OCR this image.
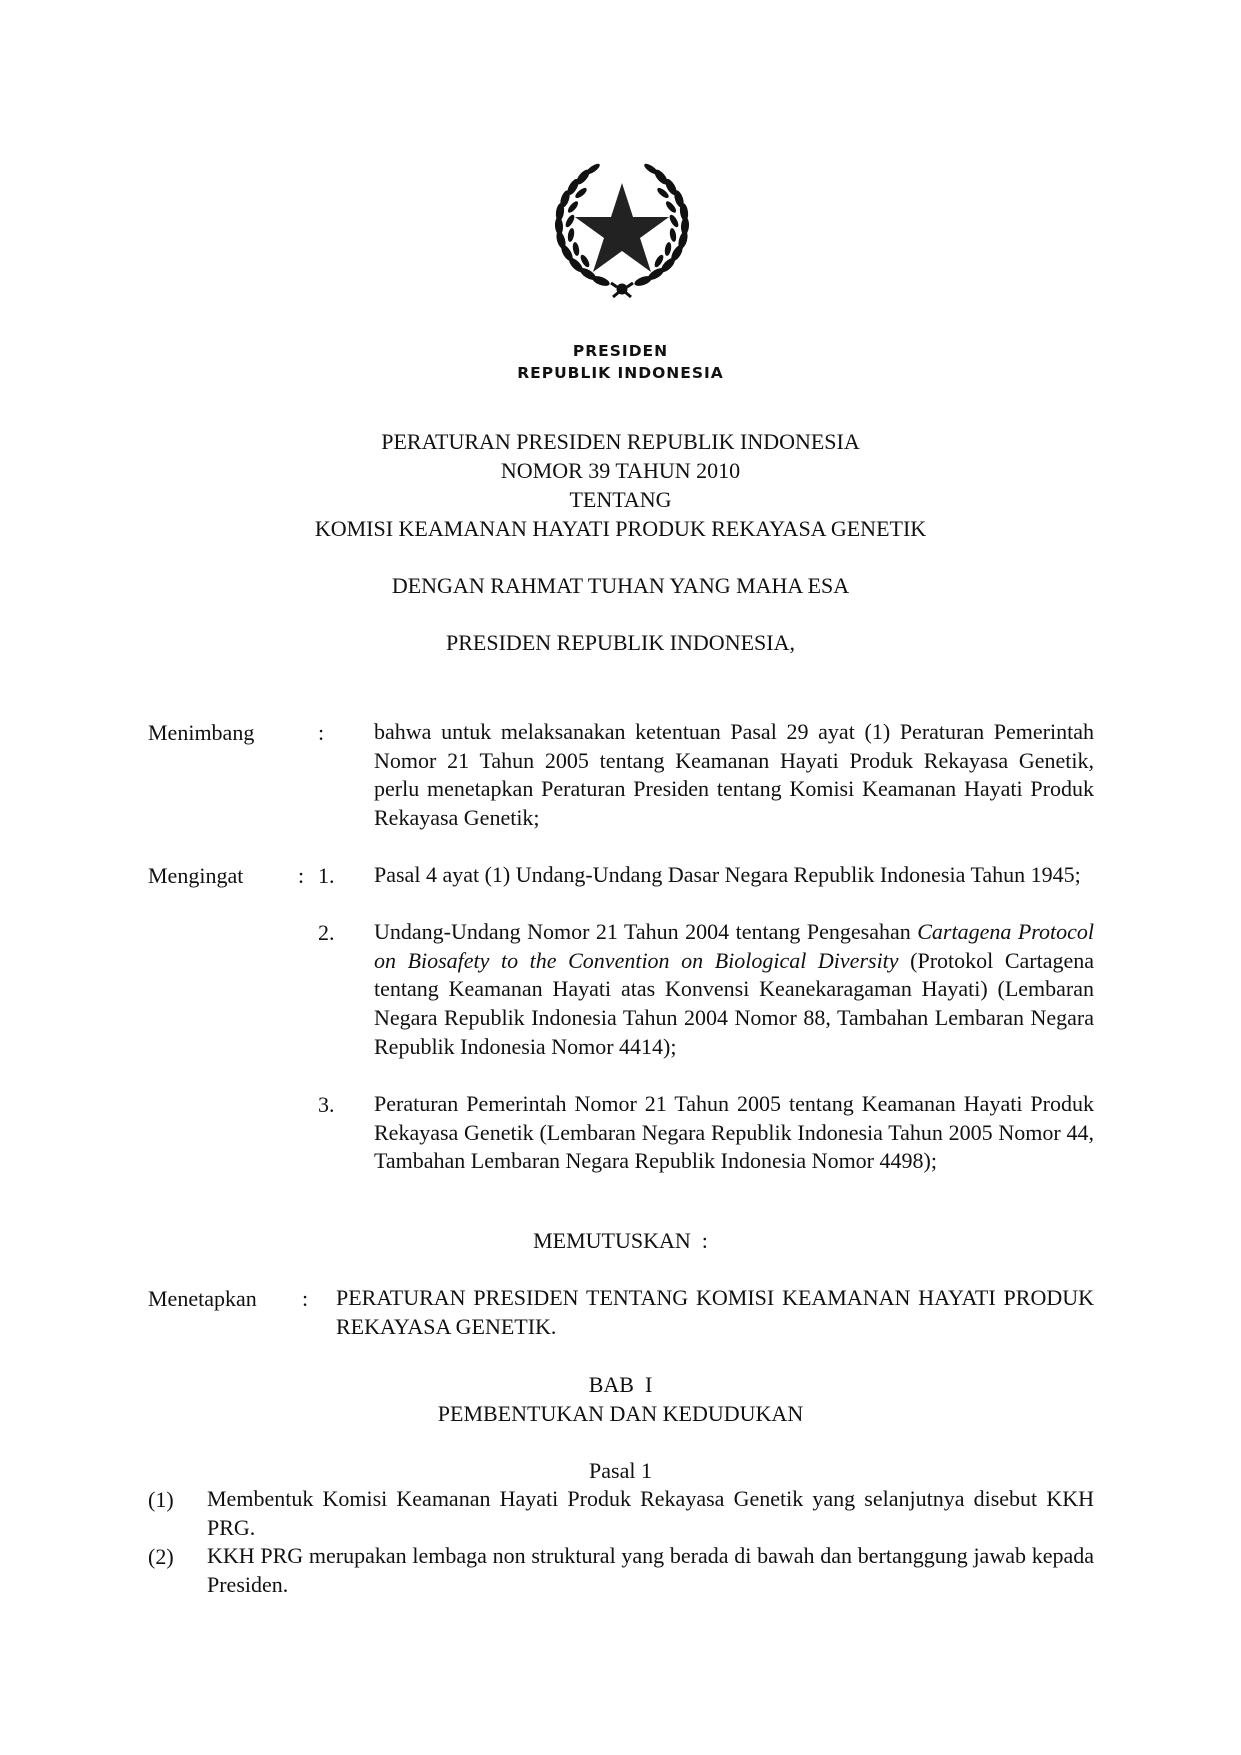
PRESIDEN
REPUBLIK INDONESIA
PERATURAN PRESIDEN REPUBLIK INDONESIA
NOMOR 39 TAHUN 2010
TENTANG
KOMISI KEAMANAN HAYATI PRODUK REKAYASA GENETIK
DENGAN RAHMAT TUHAN YANG MAHA ESA
PRESIDEN REPUBLIK INDONESIA,
Menimbang	: bahwa untuk melaksanakan ketentuan Pasal 29 ayat (1) Peraturan Pemerintah Nomor 21 Tahun 2005 tentang Keamanan Hayati Produk Rekayasa Genetik, perlu menetapkan Peraturan Presiden tentang Komisi Keamanan Hayati Produk Rekayasa Genetik;
Mengingat : 1. Pasal 4 ayat (1) Undang-Undang Dasar Negara Republik Indonesia Tahun 1945;
2. Undang-Undang Nomor 21 Tahun 2004 tentang Pengesahan Cartagena Protocol on Biosafety to the Convention on Biological Diversity (Protokol Cartagena tentang Keamanan Hayati atas Konvensi Keanekaragaman Hayati) (Lembaran Negara Republik Indonesia Tahun 2004 Nomor 88, Tambahan Lembaran Negara Republik Indonesia Nomor 4414);
3. Peraturan Pemerintah Nomor 21 Tahun 2005 tentang Keamanan Hayati Produk Rekayasa Genetik (Lembaran Negara Republik Indonesia Tahun 2005 Nomor 44, Tambahan Lembaran Negara Republik Indonesia Nomor 4498);
MEMUTUSKAN  :
Menetapkan : PERATURAN PRESIDEN TENTANG KOMISI KEAMANAN HAYATI PRODUK REKAYASA GENETIK.
BAB  I
PEMBENTUKAN DAN KEDUDUKAN
Pasal 1
(1) Membentuk Komisi Keamanan Hayati Produk Rekayasa Genetik yang selanjutnya disebut KKH PRG.
(2) KKH PRG merupakan lembaga non struktural yang berada di bawah dan bertanggung jawab kepada Presiden.
